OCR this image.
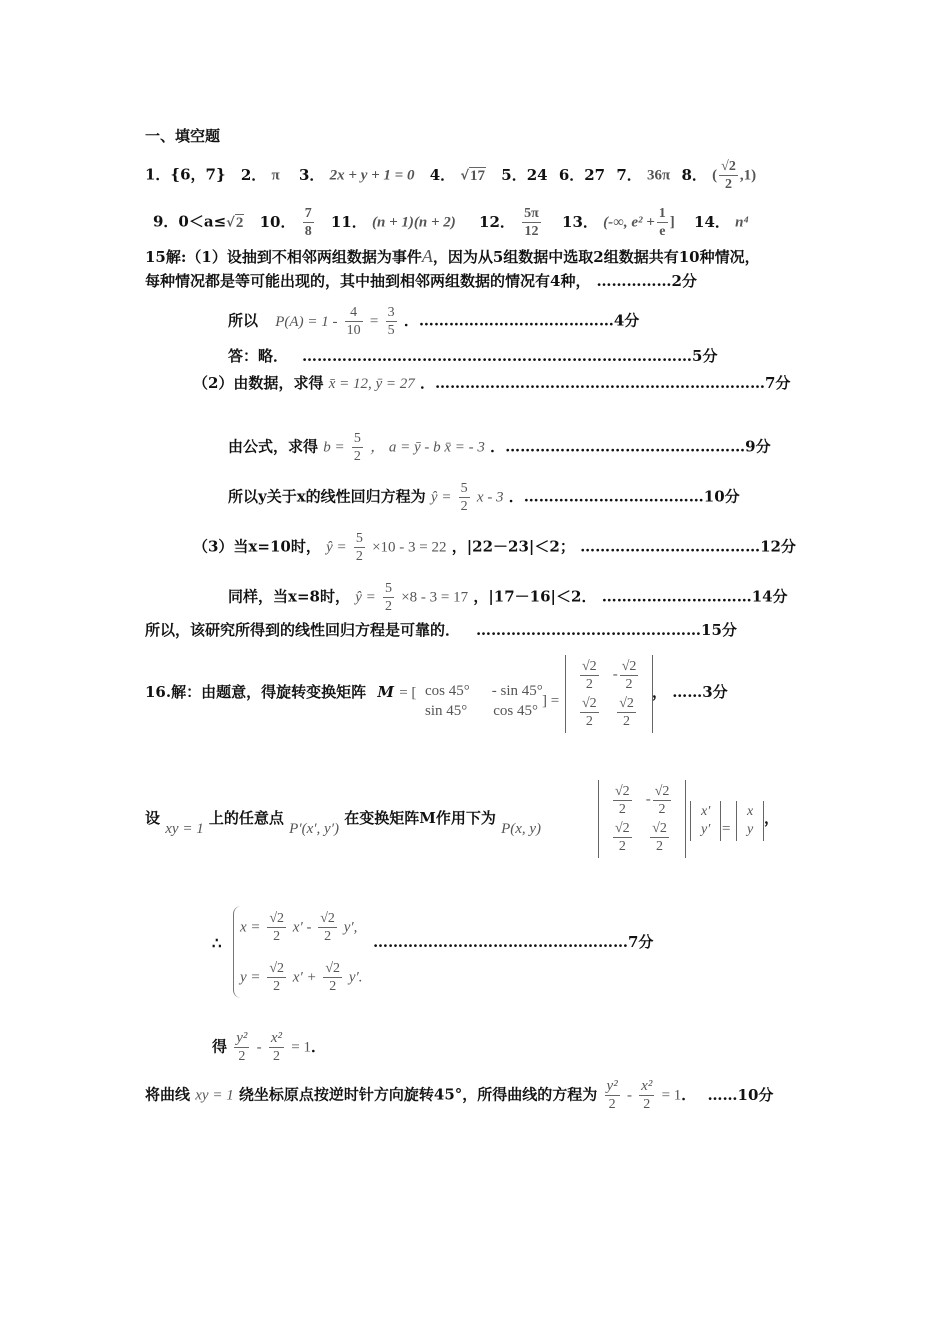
一、填空题
1．{6，7} 2． π 3． 2x + y + 1 = 0 4． √17 5．24 6．27 7． 36π 8． ( $\frac{√2}{2} ,1$)
9．0＜a≤√2 10． $\frac{7}{8} 11$． (n + 1)(n + 2) 12． $\frac{5\pi}{12} 13$． (-∞, $e^2 + \frac{1}{e}$ ] 14． n⁴
15解:（1）设抽到不相邻两组数据为事件A，因为从5组数据中选取2组数据共有10种情况，
每种情况都是等可能出现的，其中抽到相邻两组数据的情况有4种， ……………2分
所以 $P(A) = 1 - \frac{4}{10} = \frac{3}{5}$ ．…………………………………4分
答：略． ……………………………………………………………………5分
（2）由数据，求得 x̄ = 12, ȳ = 27 ．…………………………………………………………7分
由公式，求得 $b = \frac{5}{2}$ ， a = ȳ - b x̄ = - 3 ．…………………………………………9分
所以y关于x的线性回归方程为 ŷ = $\frac{5}{2}$ x - 3 ．………………………………10分
（3）当x=10时， ŷ = $\frac{5}{2} \times 10 - 3 = 22$ ，|22－23|＜2； ………………………………12分
同样，当x=8时， ŷ = $\frac{5}{2} \times 8 - 3 = 17$ ，|17－16|＜2． …………………………14分
所以，该研究所得到的线性回归方程是可靠的． ………………………………………15分
16.解：由题意，得旋转变换矩阵 M = [ cos 45° - sin 45°
sin 45° cos 45°
] =
$\frac{√2}{2}$	- $\frac{√2}{2}$

$\frac{√2}{2}$	$\frac{√2}{2}$
， ……3分
设 xy = 1 上的任意点 P′(x′, y′) 在变换矩阵M作用下为 P(x, y)
$\frac{√2}{2}$	- $\frac{√2}{2}$

$\frac{√2}{2}$	$\frac{√2}{2}$
x′
y′ =
x
y
，
∴
$x = \frac{√2}{2} x' - \frac{√2}{2} y'$,
$y = \frac{√2}{2} x' + \frac{√2}{2} y'$.
……………………………………………7分
得 $\frac{\text{y²}}{2} - \frac{\text{x²}}{2} = 1$．
将曲线 xy = 1 绕坐标原点按逆时针方向旋转45°，所得曲线的方程为 $\frac{\text{y²}}{2} - \frac{\text{x²}}{2} = 1$． ……10分
